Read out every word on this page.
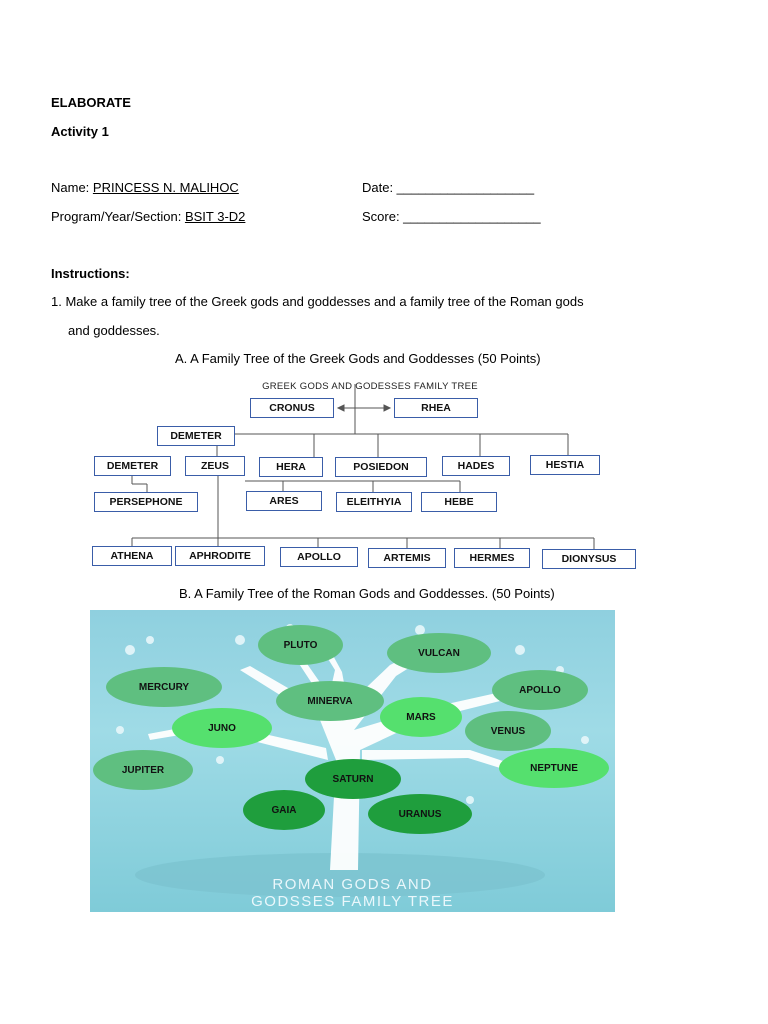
ELABORATE
Activity 1
Name: PRINCESS N. MALIHOC	Date: ___________________
Program/Year/Section: BSIT 3-D2	Score: ___________________
Instructions:
1. Make a family tree of the Greek gods and goddesses and a family tree of the Roman gods
and goddesses.
A. A Family Tree of the Greek Gods and Goddesses (50 Points)
GREEK GODS AND GODESSES FAMILY TREE
CRONUS	RHEA
DEMETER
DEMETER	ZEUS	HERA	POSIEDON	HADES	HESTIA
PERSEPHONE	ARES	ELEITHYIA	HEBE
ATHENA	APHRODITE	APOLLO	ARTEMIS	HERMES	DIONYSUS
B. A Family Tree of the Roman Gods and Goddesses. (50 Points)
PLUTO
VULCAN
MERCURY	APOLLO
MINERVA
JUNO
MARS
VENUS
JUPITER	NEPTUNE
SATURN
GAIA	URANUS
ROMAN GODS AND
GODSSES FAMILY TREE
